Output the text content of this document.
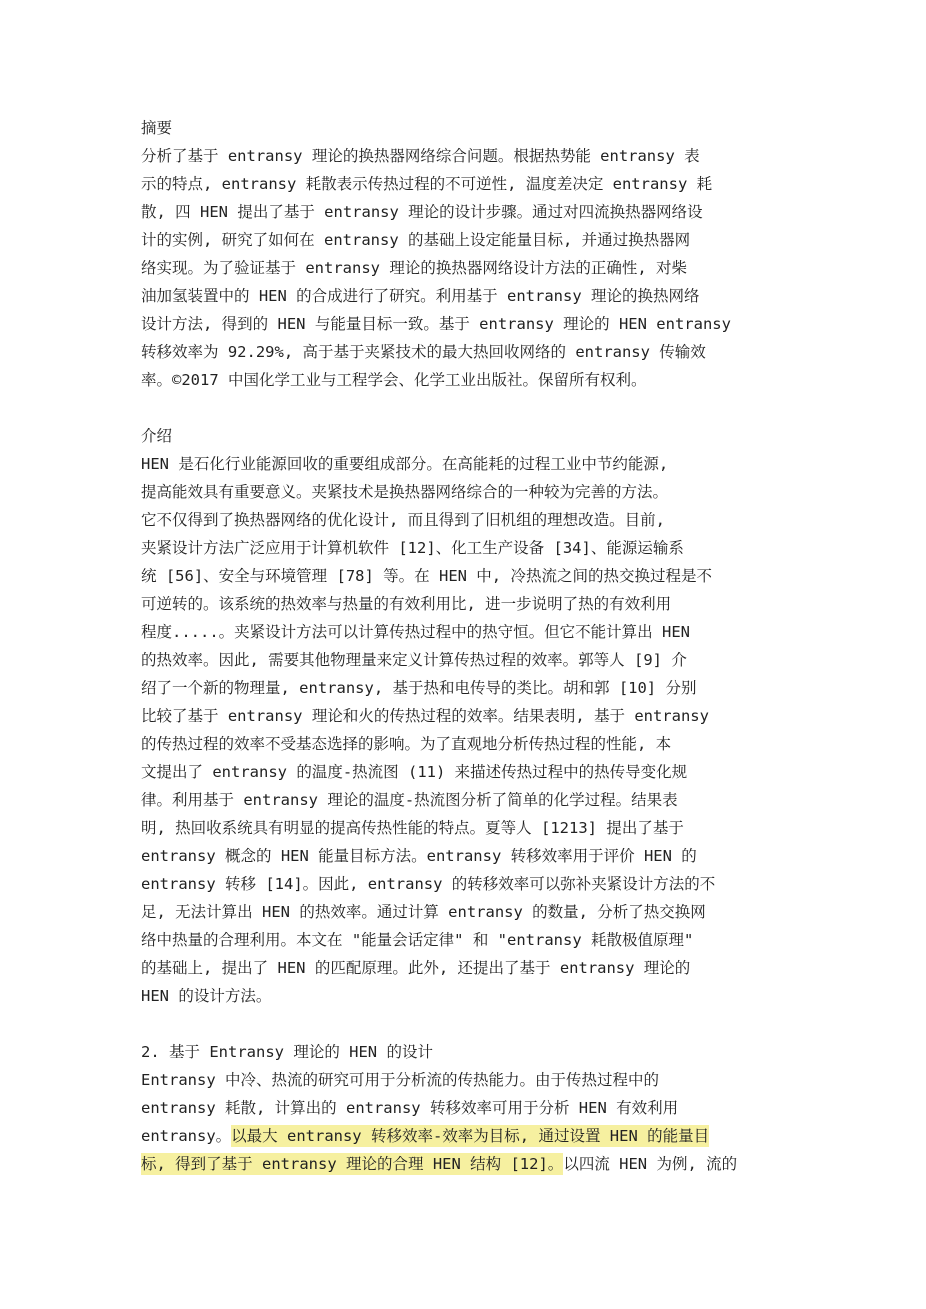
摘要
分析了基于 entransy 理论的换热器网络综合问题。根据热势能 entransy 表
示的特点, entransy 耗散表示传热过程的不可逆性, 温度差决定 entransy 耗
散, 四 HEN 提出了基于 entransy 理论的设计步骤。通过对四流换热器网络设
计的实例, 研究了如何在 entransy 的基础上设定能量目标, 并通过换热器网
络实现。为了验证基于 entransy 理论的换热器网络设计方法的正确性, 对柴
油加氢装置中的 HEN 的合成进行了研究。利用基于 entransy 理论的换热网络
设计方法, 得到的 HEN 与能量目标一致。基于 entransy 理论的 HEN entransy
转移效率为 92.29%, 高于基于夹紧技术的最大热回收网络的 entransy 传输效
率。©2017 中国化学工业与工程学会、化学工业出版社。保留所有权利。
介绍
HEN 是石化行业能源回收的重要组成部分。在高能耗的过程工业中节约能源,
提高能效具有重要意义。夹紧技术是换热器网络综合的一种较为完善的方法。
它不仅得到了换热器网络的优化设计, 而且得到了旧机组的理想改造。目前,
夹紧设计方法广泛应用于计算机软件 [12]、化工生产设备 [34]、能源运输系
统 [56]、安全与环境管理 [78] 等。在 HEN 中, 冷热流之间的热交换过程是不
可逆转的。该系统的热效率与热量的有效利用比, 进一步说明了热的有效利用
程度.....。夹紧设计方法可以计算传热过程中的热守恒。但它不能计算出 HEN
的热效率。因此, 需要其他物理量来定义计算传热过程的效率。郭等人 [9] 介
绍了一个新的物理量, entransy, 基于热和电传导的类比。胡和郭 [10] 分别
比较了基于 entransy 理论和火的传热过程的效率。结果表明, 基于 entransy
的传热过程的效率不受基态选择的影响。为了直观地分析传热过程的性能, 本
文提出了 entransy 的温度-热流图 (11) 来描述传热过程中的热传导变化规
律。利用基于 entransy 理论的温度-热流图分析了简单的化学过程。结果表
明, 热回收系统具有明显的提高传热性能的特点。夏等人 [1213] 提出了基于
entransy 概念的 HEN 能量目标方法。entransy 转移效率用于评价 HEN 的
entransy 转移 [14]。因此, entransy 的转移效率可以弥补夹紧设计方法的不
足, 无法计算出 HEN 的热效率。通过计算 entransy 的数量, 分析了热交换网
络中热量的合理利用。本文在 "能量会话定律" 和 "entransy 耗散极值原理"
的基础上, 提出了 HEN 的匹配原理。此外, 还提出了基于 entransy 理论的
HEN 的设计方法。
2. 基于 Entransy 理论的 HEN 的设计
Entransy 中冷、热流的研究可用于分析流的传热能力。由于传热过程中的
entransy 耗散, 计算出的 entransy 转移效率可用于分析 HEN 有效利用
entransy。以最大 entransy 转移效率-效率为目标, 通过设置 HEN 的能量目
标, 得到了基于 entransy 理论的合理 HEN 结构 [12]。以四流 HEN 为例, 流的
